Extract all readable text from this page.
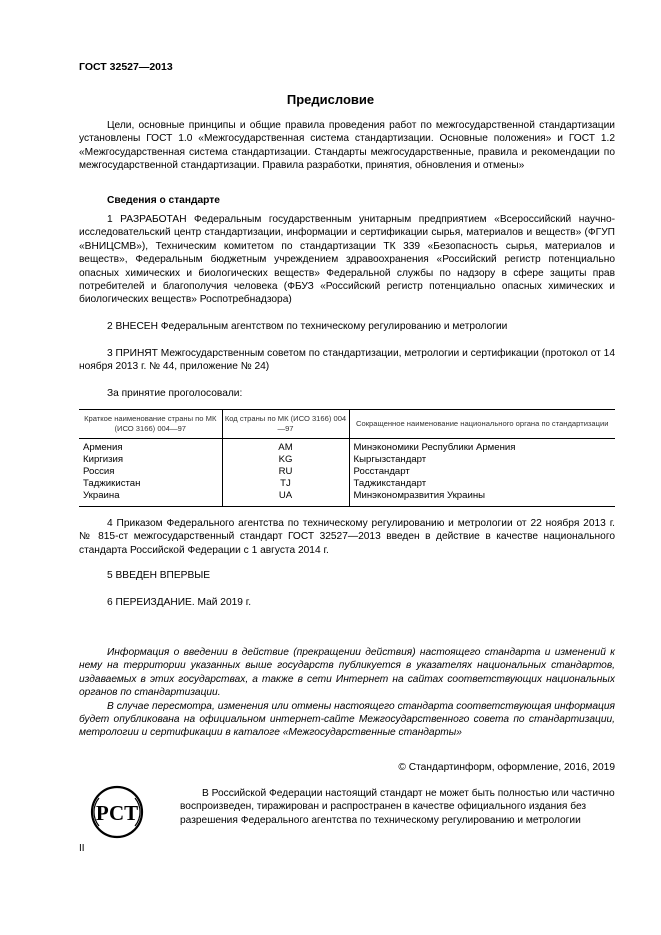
ГОСТ 32527—2013
Предисловие

Цели, основные принципы и общие правила проведения работ по межгосударственной стандартизации установлены ГОСТ 1.0 «Межгосударственная система стандартизации. Основные положения» и ГОСТ 1.2 «Межгосударственная система стандартизации. Стандарты межгосударственные, правила и рекомендации по межгосударственной стандартизации. Правила разработки, принятия, обновления и отмены»

Сведения о стандарте

1 РАЗРАБОТАН Федеральным государственным унитарным предприятием «Всероссийский научно-исследовательский центр стандартизации, информации и сертификации сырья, материалов и веществ» (ФГУП «ВНИЦСМВ»), Техническим комитетом по стандартизации ТК 339 «Безопасность сырья, материалов и веществ», Федеральным бюджетным учреждением здравоохранения «Российский регистр потенциально опасных химических и биологических веществ» Федеральной службы по надзору в сфере защиты прав потребителей и благополучия человека (ФБУЗ «Российский регистр потенциально опасных химических и биологических веществ» Роспотребнадзора)

2 ВНЕСЕН Федеральным агентством по техническому регулированию и метрологии

3 ПРИНЯТ Межгосударственным советом по стандартизации, метрологии и сертификации (протокол от 14 ноября 2013 г. № 44, приложение № 24)

За принятие проголосовали:

Краткое наименование страны по МК (ИСО 3166) 004—97	Код страны по МК (ИСО 3166) 004—97	Сокращенное наименование национального органа по стандартизации
Армения	AM	Минэкономики Республики Армения
Киргизия	KG	Кыргызстандарт
Россия	RU	Росстандарт
Таджикистан	TJ	Таджикстандарт
Украина	UA	Минэкономразвития Украины

4 Приказом Федерального агентства по техническому регулированию и метрологии от 22 ноября 2013 г. № 815-ст межгосударственный стандарт ГОСТ 32527—2013 введен в действие в качестве национального стандарта Российской Федерации с 1 августа 2014 г.

5 ВВЕДЕН ВПЕРВЫЕ

6 ПЕРЕИЗДАНИЕ. Май 2019 г.

Информация о введении в действие (прекращении действия) настоящего стандарта и изменений к нему на территории указанных выше государств публикуется в указателях национальных стандартов, издаваемых в этих государствах, а также в сети Интернет на сайтах соответствующих национальных органов по стандартизации.

В случае пересмотра, изменения или отмены настоящего стандарта соответствующая информация будет опубликована на официальном интернет-сайте Межгосударственного совета по стандартизации, метрологии и сертификации в каталоге «Межгосударственные стандарты»

© Стандартинформ, оформление, 2016, 2019
РСТ

В Российской Федерации настоящий стандарт не может быть полностью или частично воспроизведен, тиражирован и распространен в качестве официального издания без разрешения Федерального агентства по техническому регулированию и метрологии

II
